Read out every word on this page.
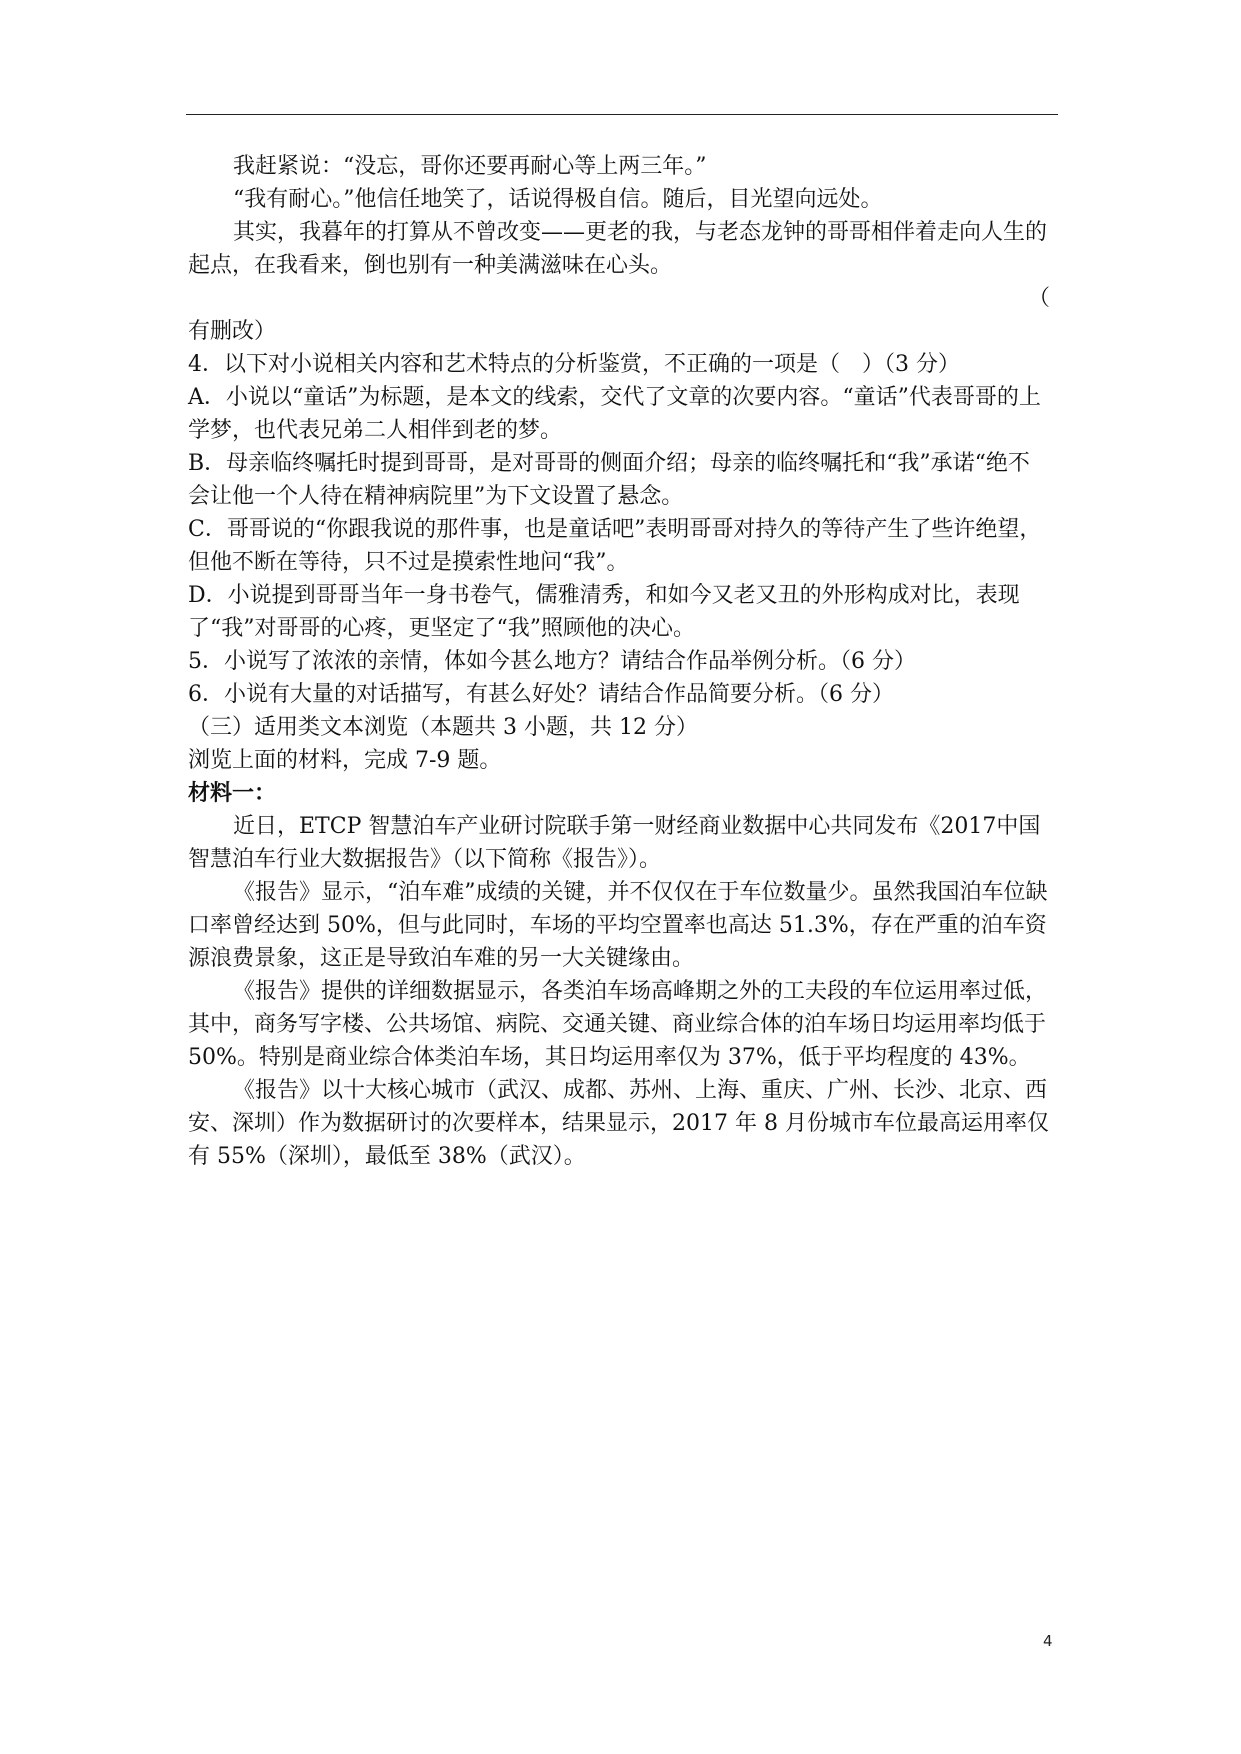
我赶紧说：“没忘，哥你还要再耐心等上两三年。”

“我有耐心。”他信任地笑了，话说得极自信。随后，目光望向远处。

其实，我暮年的打算从不曾改变——更老的我，与老态龙钟的哥哥相伴着走向人生的起点，在我看来，倒也别有一种美满滋味在心头。

（

有删改）

4．以下对小说相关内容和艺术特点的分析鉴赏，不正确的一项是（　）（3 分）

A．小说以“童话”为标题，是本文的线索，交代了文章的次要内容。“童话”代表哥哥的上学梦，也代表兄弟二人相伴到老的梦。

B．母亲临终嘱托时提到哥哥，是对哥哥的侧面介绍；母亲的临终嘱托和“我”承诺“绝不 会让他一个人待在精神病院里”为下文设置了悬念。

C．哥哥说的“你跟我说的那件事，也是童话吧”表明哥哥对持久的等待产生了些许绝望，但他不断在等待，只不过是摸索性地问“我”。

D．小说提到哥哥当年一身书卷气，儒雅清秀，和如今又老又丑的外形构成对比，表现了“我”对哥哥的心疼，更坚定了“我”照顾他的决心。

5．小说写了浓浓的亲情，体如今甚么地方？请结合作品举例分析。（6 分）

6．小说有大量的对话描写，有甚么好处？请结合作品简要分析。（6 分）

（三）适用类文本浏览（本题共 3 小题，共 12 分）

浏览上面的材料，完成 7-9 题。

材料一：

近日，ETCP 智慧泊车产业研讨院联手第一财经商业数据中心共同发布《2017中国智慧泊车行业大数据报告》（以下简称《报告》）。

《报告》显示，“泊车难”成绩的关键，并不仅仅在于车位数量少。虽然我国泊车位缺口率曾经达到 50%，但与此同时，车场的平均空置率也高达 51.3%，存在严重的泊车资源浪费景象，这正是导致泊车难的另一大关键缘由。

《报告》提供的详细数据显示，各类泊车场高峰期之外的工夫段的车位运用率过低，其中，商务写字楼、公共场馆、病院、交通关键、商业综合体的泊车场日均运用率均低于 50%。特别是商业综合体类泊车场，其日均运用率仅为 37%，低于平均程度的 43%。

《报告》以十大核心城市（武汉、成都、苏州、上海、重庆、广州、长沙、北京、西安、深圳）作为数据研讨的次要样本，结果显示，2017 年 8 月份城市车位最高运用率仅有 55%（深圳），最低至 38%（武汉）。

4
